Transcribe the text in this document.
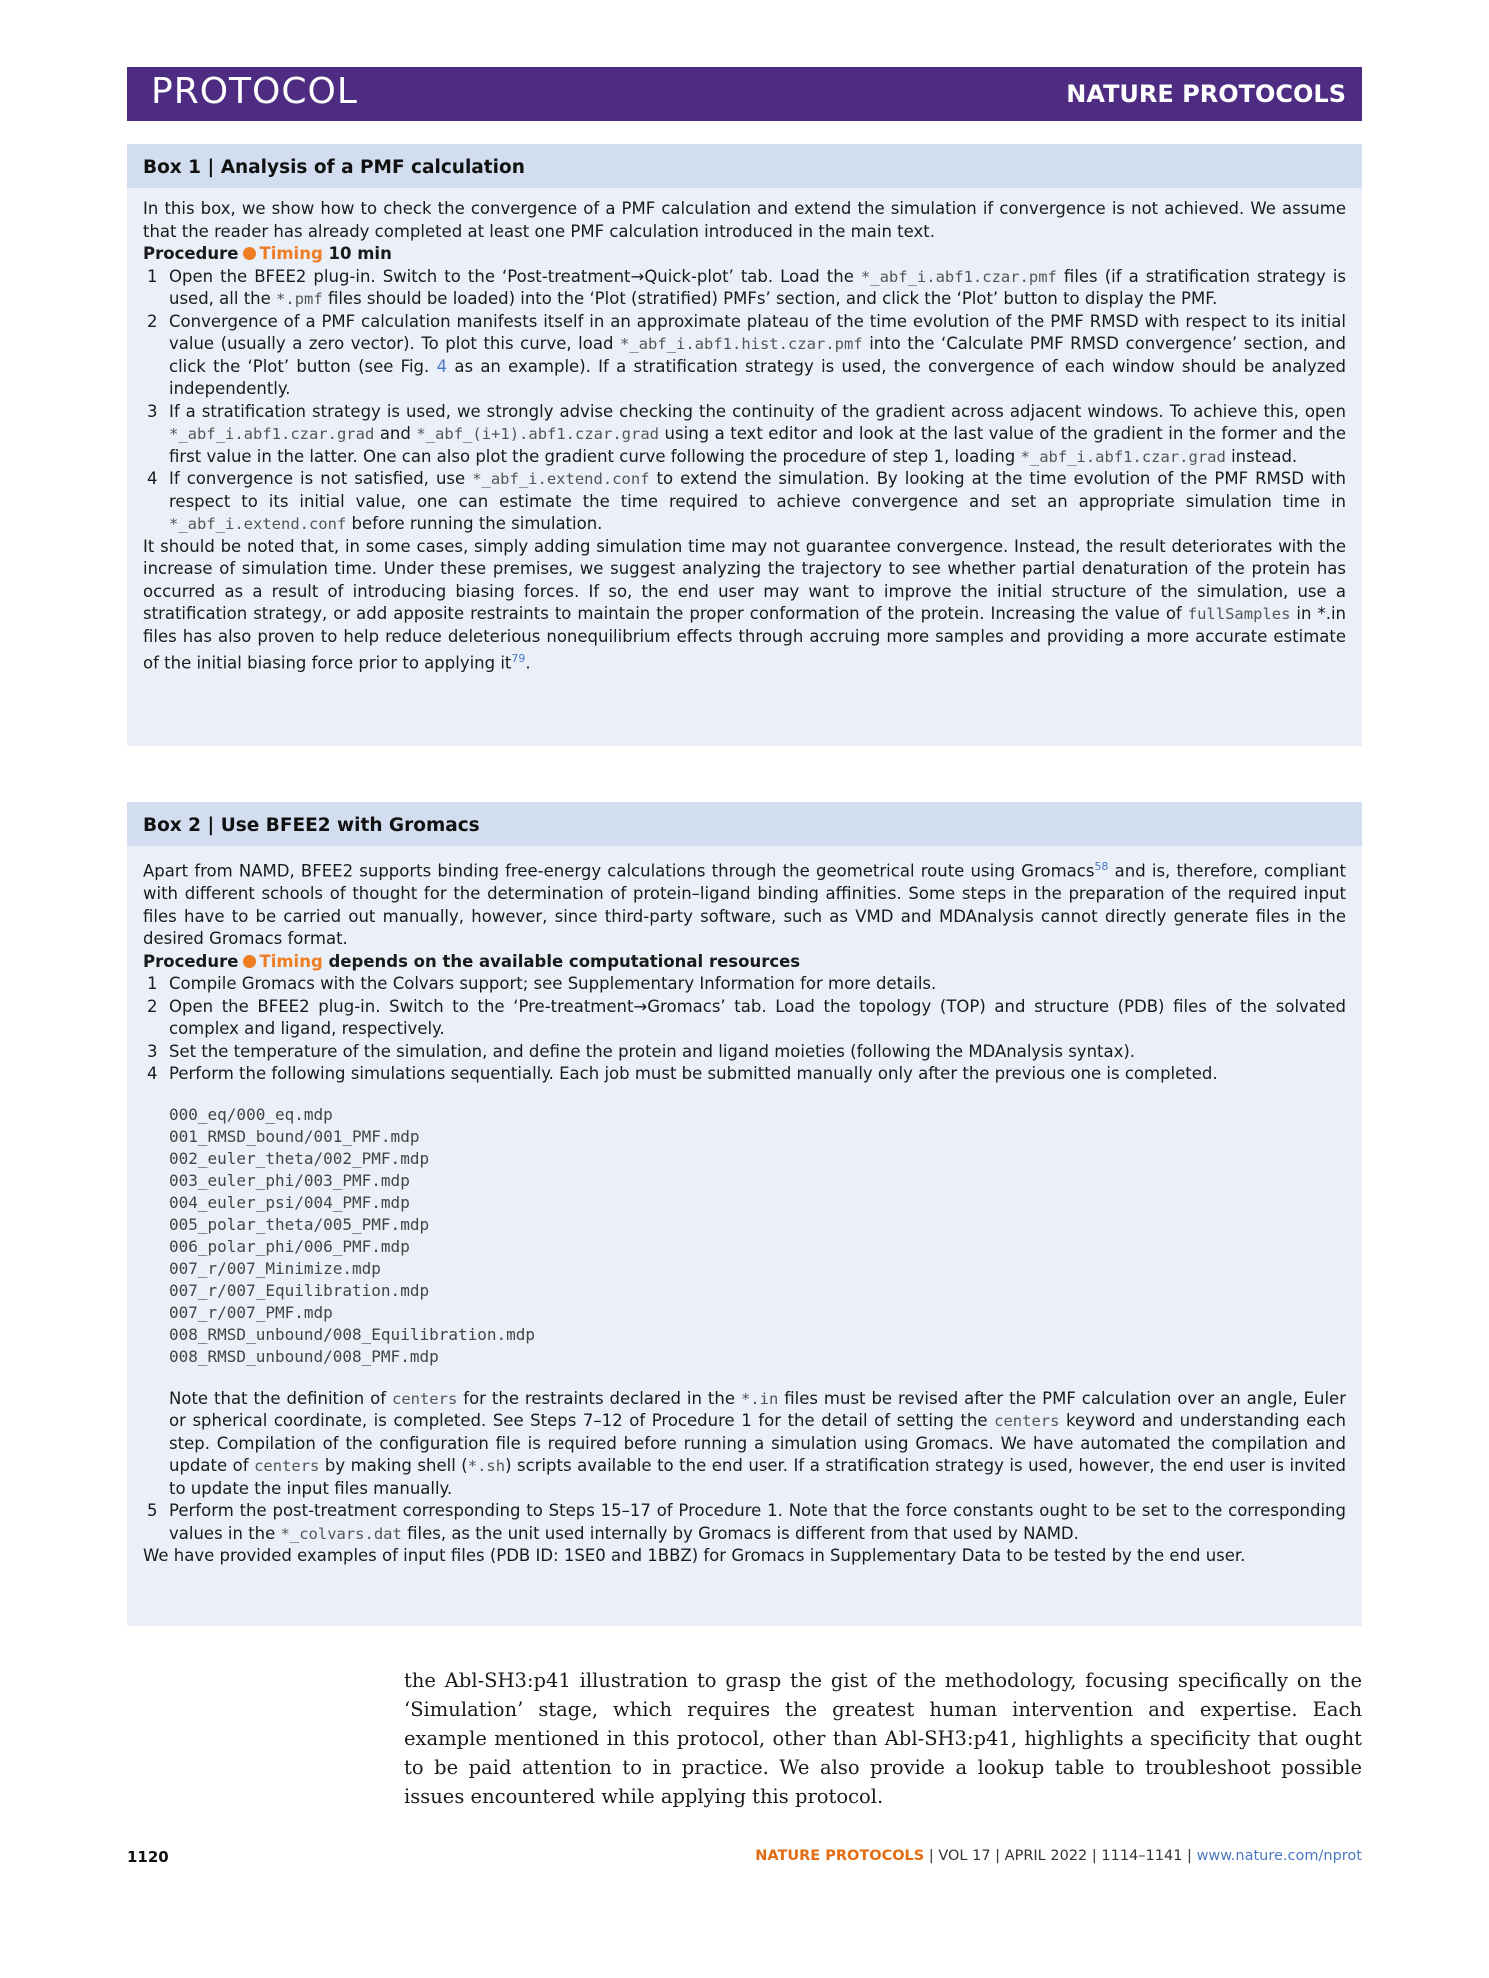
PROTOCOL	NATURE PROTOCOLS
Box 1 | Analysis of a PMF calculation

In this box, we show how to check the convergence of a PMF calculation and extend the simulation if convergence is not achieved. We assume that the reader has already completed at least one PMF calculation introduced in the main text.

Procedure Timing 10 min

1 Open the BFEE2 plug-in. Switch to the ‘Post-treatment→Quick-plot’ tab. Load the *_abf_i.abf1.czar.pmf files (if a stratification strategy is used, all the *.pmf files should be loaded) into the ‘Plot (stratified) PMFs’ section, and click the ‘Plot’ button to display the PMF.
2 Convergence of a PMF calculation manifests itself in an approximate plateau of the time evolution of the PMF RMSD with respect to its initial value (usually a zero vector). To plot this curve, load *_abf_i.abf1.hist.czar.pmf into the ‘Calculate PMF RMSD convergence’ section, and click the ‘Plot’ button (see Fig. 4 as an example). If a stratification strategy is used, the convergence of each window should be analyzed independently.
3 If a stratification strategy is used, we strongly advise checking the continuity of the gradient across adjacent windows. To achieve this, open *_abf_i.abf1.czar.grad and *_abf_(i+1).abf1.czar.grad using a text editor and look at the last value of the gradient in the former and the first value in the latter. One can also plot the gradient curve following the procedure of step 1, loading *_abf_i.abf1.czar.grad instead.
4 If convergence is not satisfied, use *_abf_i.extend.conf to extend the simulation. By looking at the time evolution of the PMF RMSD with respect to its initial value, one can estimate the time required to achieve convergence and set an appropriate simulation time in *_abf_i.extend.conf before running the simulation.

It should be noted that, in some cases, simply adding simulation time may not guarantee convergence. Instead, the result deteriorates with the increase of simulation time. Under these premises, we suggest analyzing the trajectory to see whether partial denaturation of the protein has occurred as a result of introducing biasing forces. If so, the end user may want to improve the initial structure of the simulation, use a stratification strategy, or add apposite restraints to maintain the proper conformation of the protein. Increasing the value of fullSamples in *.in files has also proven to help reduce deleterious nonequilibrium effects through accruing more samples and providing a more accurate estimate of the initial biasing force prior to applying $it^{79}$.

Box 2 | Use BFEE2 with Gromacs

Apart from NAMD, BFEE2 supports binding free-energy calculations through the geometrical route using Gromacs$^{58}$ and is, therefore, compliant with different schools of thought for the determination of protein–ligand binding affinities. Some steps in the preparation of the required input files have to be carried out manually, however, since third-party software, such as VMD and MDAnalysis cannot directly generate files in the desired Gromacs format.

Procedure Timing depends on the available computational resources

1 Compile Gromacs with the Colvars support; see Supplementary Information for more details.
2 Open the BFEE2 plug-in. Switch to the ‘Pre-treatment→Gromacs’ tab. Load the topology (TOP) and structure (PDB) files of the solvated complex and ligand, respectively.
3 Set the temperature of the simulation, and define the protein and ligand moieties (following the MDAnalysis syntax).
4 Perform the following simulations sequentially. Each job must be submitted manually only after the previous one is completed.
000_eq/000_eq.mdp
001_RMSD_bound/001_PMF.mdp
002_euler_theta/002_PMF.mdp
003_euler_phi/003_PMF.mdp
004_euler_psi/004_PMF.mdp
005_polar_theta/005_PMF.mdp
006_polar_phi/006_PMF.mdp
007_r/007_Minimize.mdp
007_r/007_Equilibration.mdp
007_r/007_PMF.mdp
008_RMSD_unbound/008_Equilibration.mdp
008_RMSD_unbound/008_PMF.mdp

Note that the definition of centers for the restraints declared in the *.in files must be revised after the PMF calculation over an angle, Euler or spherical coordinate, is completed. See Steps 7–12 of Procedure 1 for the detail of setting the centers keyword and understanding each step. Compilation of the configuration file is required before running a simulation using Gromacs. We have automated the compilation and update of centers by making shell (*.sh) scripts available to the end user. If a stratification strategy is used, however, the end user is invited to update the input files manually.

5 Perform the post-treatment corresponding to Steps 15–17 of Procedure 1. Note that the force constants ought to be set to the corresponding values in the *_colvars.dat files, as the unit used internally by Gromacs is different from that used by NAMD.

We have provided examples of input files (PDB ID: 1SE0 and 1BBZ) for Gromacs in Supplementary Data to be tested by the end user.

the Abl-SH3:p41 illustration to grasp the gist of the methodology, focusing specifically on the ‘Simulation’ stage, which requires the greatest human intervention and expertise. Each example mentioned in this protocol, other than Abl-SH3:p41, highlights a specificity that ought to be paid attention to in practice. We also provide a lookup table to troubleshoot possible issues encountered while applying this protocol.
1120	NATURE PROTOCOLS | VOL 17 | APRIL 2022 | 1114–1141 | www.nature.com/nprot
